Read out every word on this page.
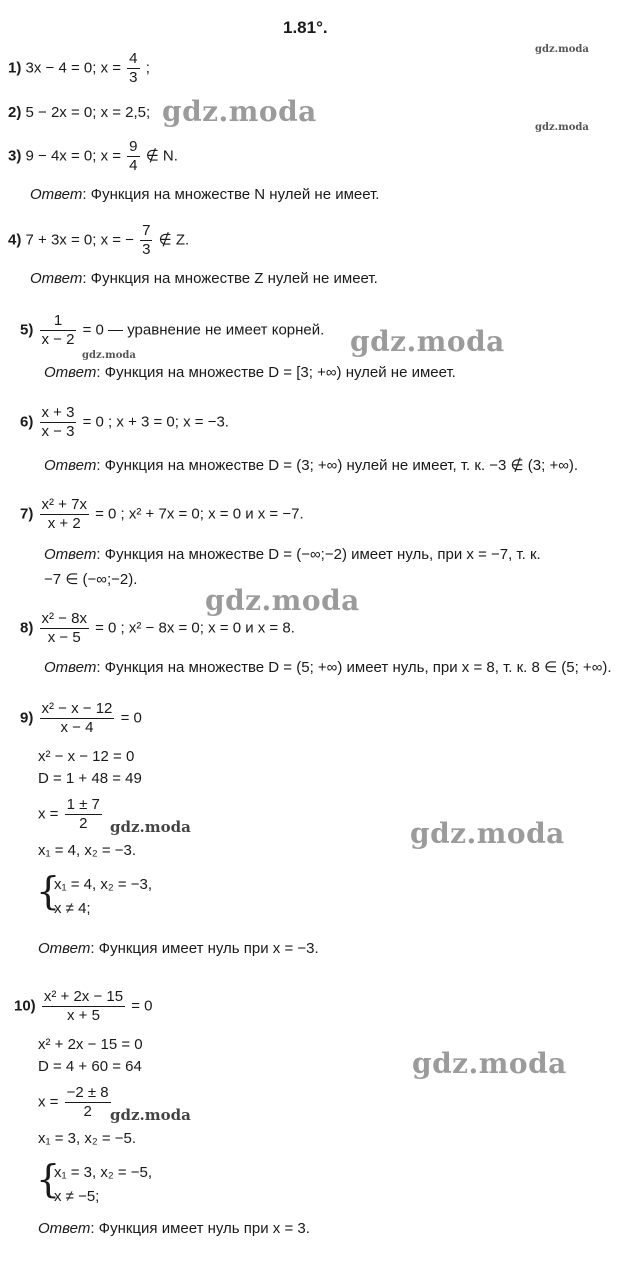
1.81°.
gdz.moda
gdz.moda
gdz.moda
gdz.moda
gdz.moda
gdz.moda
gdz.moda
gdz.moda
gdz.moda
gdz.moda
1) 3x − 4 = 0; $x = \frac{4}{3}$ ;
2) 5 − 2x = 0; x = 2,5;
3) 9 − 4x = 0; $x = \frac{9}{4}$ ∉ N.
Ответ: Функция на множестве N нулей не имеет.
4) 7 + 3x = 0; x = − $\frac{7}{3}$ ∉ Z.
Ответ: Функция на множестве Z нулей не имеет.
$5) \frac{1}{x - 2} = 0$ — уравнение не имеет корней.
Ответ: Функция на множестве D = [3; +∞) нулей не имеет.
$6) \frac{x + 3}{x - 3} = 0$ ; x + 3 = 0; x = −3.
Ответ: Функция на множестве D = (3; +∞) нулей не имеет, т. к. −3 ∉ (3; +∞).
$7) \frac{\text{x² + 7x}}{x + 2} = 0$ ; x² + 7x = 0; x = 0 и x = −7.
Ответ: Функция на множестве D = (−∞;−2) имеет нуль, при x = −7, т. к.
−7 ∈ (−∞;−2).
$8) \frac{\text{x² − 8x}}{x - 5} = 0$ ; x² − 8x = 0; x = 0 и x = 8.
Ответ: Функция на множестве D = (5; +∞) имеет нуль, при x = 8, т. к. 8 ∈ (5; +∞).
$9) \frac{\text{x² − x − 12}}{x - 4} = 0$
x² − x − 12 = 0
D = 1 + 48 = 49
$x = \frac{1 \pm 7}{2}$
x₁ = 4, x₂ = −3.
{
x₁ = 4, x₂ = −3,
x ≠ 4;
Ответ: Функция имеет нуль при x = −3.
$10) \frac{\text{x² + 2x − 15}}{x + 5} = 0$
x² + 2x − 15 = 0
D = 4 + 60 = 64
$x = \frac{-2 \pm 8}{2}$
x₁ = 3, x₂ = −5.
{
x₁ = 3, x₂ = −5,
x ≠ −5;
Ответ: Функция имеет нуль при x = 3.
